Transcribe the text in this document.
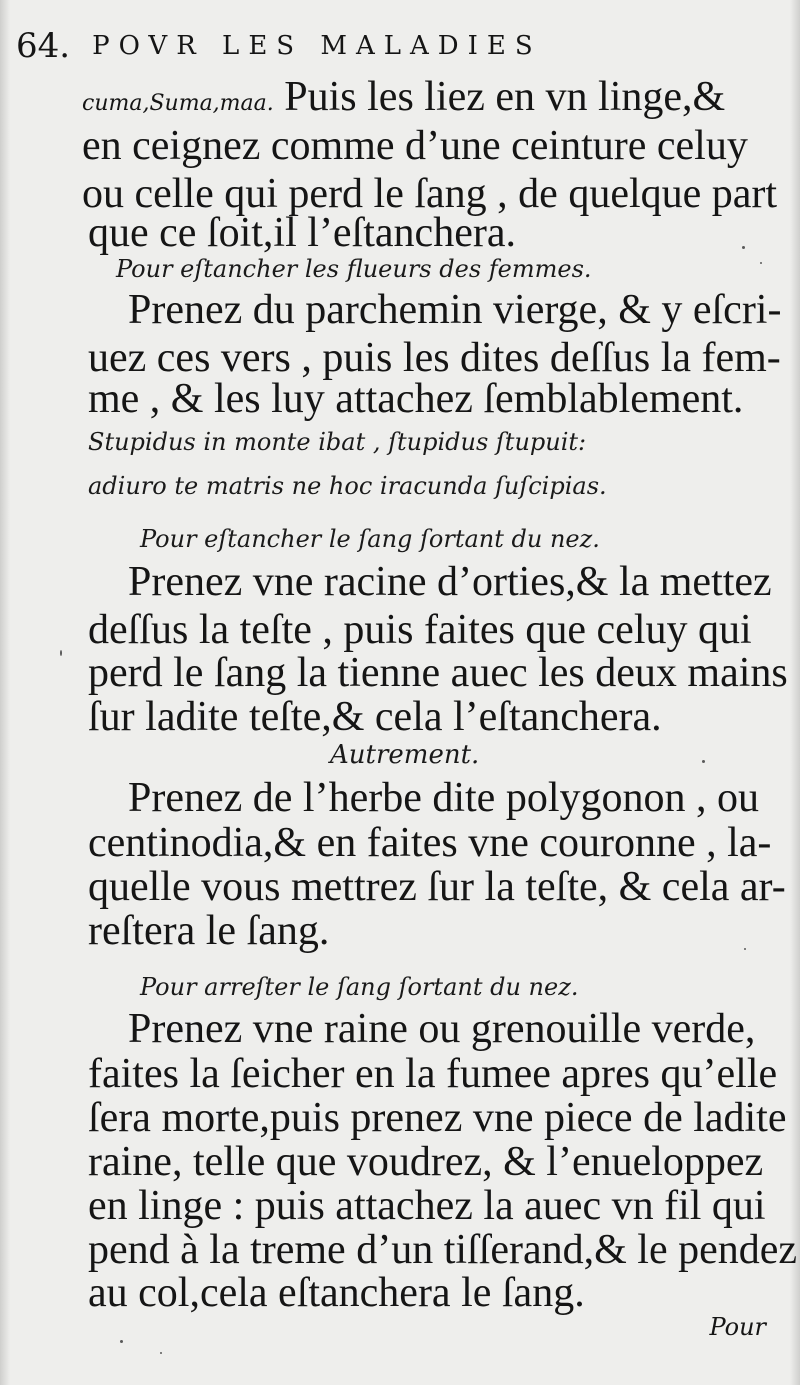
64. POVR LES MALADIES

cuma,Suma,maa. Puis les liez en vn linge,&

en ceignez comme d’une ceinture celuy

ou celle qui perd le ſang , de quelque part

que ce ſoit,il l’eſtanchera.

Pour eſtancher les flueurs des femmes.

Prenez du parchemin vierge, & y eſcri-

uez ces vers , puis les dites deſſus la fem-

me , & les luy attachez ſemblablement.

Stupidus in monte ibat , ſtupidus ſtupuit:

adiuro te matris ne hoc iracunda ſuſcipias.

Pour eſtancher le ſang ſortant du nez.

Prenez vne racine d’orties,& la mettez

deſſus la teſte , puis faites que celuy qui

perd le ſang la tienne auec les deux mains

ſur ladite teſte,& cela l’eſtanchera.

Autrement.

Prenez de l’herbe dite polygonon , ou

centinodia,& en faites vne couronne , la-

quelle vous mettrez ſur la teſte, & cela ar-

reſtera le ſang.

Pour arreſter le ſang ſortant du nez.

Prenez vne raine ou grenouille verde,

faites la ſeicher en la fumee apres qu’elle

ſera morte,puis prenez vne piece de ladite

raine, telle que voudrez, & l’enueloppez

en linge : puis attachez la auec vn fil qui

pend à la treme d’un tiſſerand,& le pendez

au col,cela eſtanchera le ſang.

Pour
